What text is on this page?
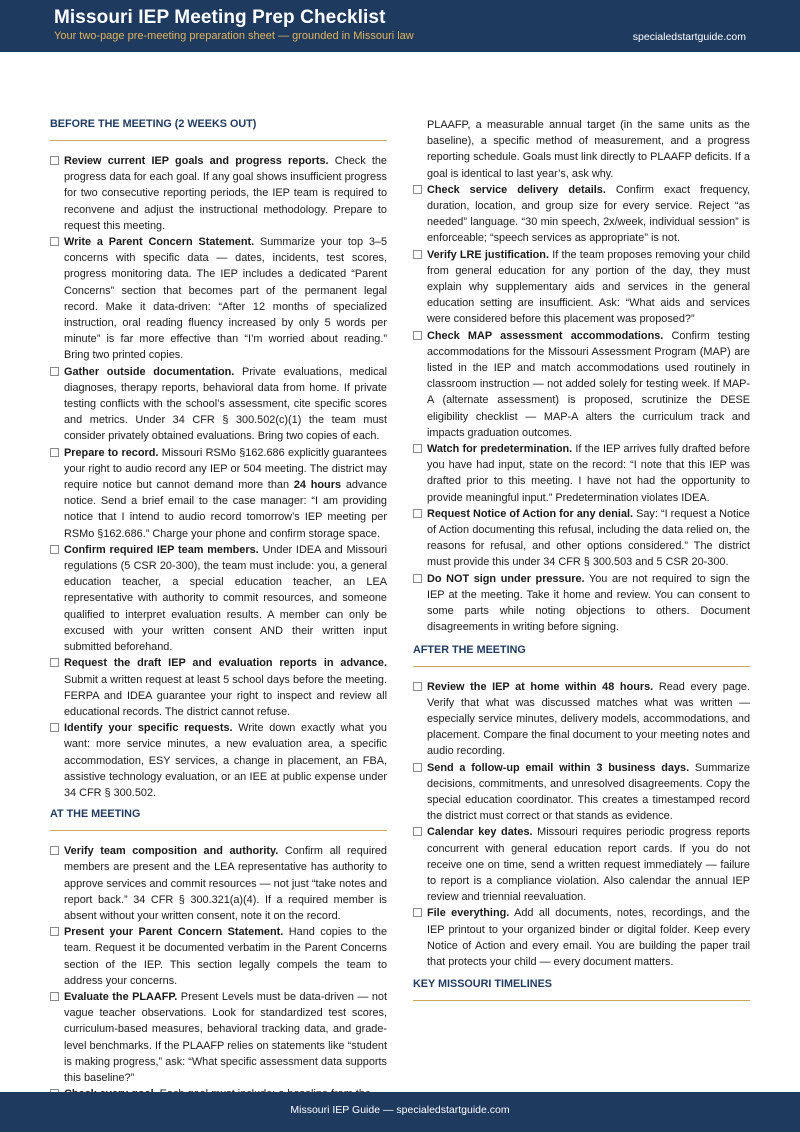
Missouri IEP Meeting Prep Checklist
Your two-page pre-meeting preparation sheet — grounded in Missouri law	specialedstartguide.com
BEFORE THE MEETING (2 WEEKS OUT)
Review current IEP goals and progress reports. Check the progress data for each goal. If any goal shows insufficient progress for two consecutive reporting periods, the IEP team is required to reconvene and adjust the instructional methodology. Prepare to request this meeting.
Write a Parent Concern Statement. Summarize your top 3–5 concerns with specific data — dates, incidents, test scores, progress monitoring data. The IEP includes a dedicated “Parent Concerns” section that becomes part of the permanent legal record. Make it data-driven: “After 12 months of specialized instruction, oral reading fluency increased by only 5 words per minute” is far more effective than “I’m worried about reading.” Bring two printed copies.
Gather outside documentation. Private evaluations, medical diagnoses, therapy reports, behavioral data from home. If private testing conflicts with the school’s assessment, cite specific scores and metrics. Under 34 CFR § 300.502(c)(1) the team must consider privately obtained evaluations. Bring two copies of each.
Prepare to record. Missouri RSMo §162.686 explicitly guarantees your right to audio record any IEP or 504 meeting. The district may require notice but cannot demand more than 24 hours advance notice. Send a brief email to the case manager: “I am providing notice that I intend to audio record tomorrow’s IEP meeting per RSMo §162.686.” Charge your phone and confirm storage space.
Confirm required IEP team members. Under IDEA and Missouri regulations (5 CSR 20-300), the team must include: you, a general education teacher, a special education teacher, an LEA representative with authority to commit resources, and someone qualified to interpret evaluation results. A member can only be excused with your written consent AND their written input submitted beforehand.
Request the draft IEP and evaluation reports in advance. Submit a written request at least 5 school days before the meeting. FERPA and IDEA guarantee your right to inspect and review all educational records. The district cannot refuse.
Identify your specific requests. Write down exactly what you want: more service minutes, a new evaluation area, a specific accommodation, ESY services, a change in placement, an FBA, assistive technology evaluation, or an IEE at public expense under 34 CFR § 300.502.
AT THE MEETING
Verify team composition and authority. Confirm all required members are present and the LEA representative has authority to approve services and commit resources — not just “take notes and report back.” 34 CFR § 300.321(a)(4). If a required member is absent without your written consent, note it on the record.
Present your Parent Concern Statement. Hand copies to the team. Request it be documented verbatim in the Parent Concerns section of the IEP. This section legally compels the team to address your concerns.
Evaluate the PLAAFP. Present Levels must be data-driven — not vague teacher observations. Look for standardized test scores, curriculum-based measures, behavioral tracking data, and grade-level benchmarks. If the PLAAFP relies on statements like “student is making progress,” ask: “What specific assessment data supports this baseline?”
PLAAFP, a measurable annual target (in the same units as the baseline), a specific method of measurement, and a progress reporting schedule. Goals must link directly to PLAAFP deficits. If a goal is identical to last year’s, ask why.
Check service delivery details. Confirm exact frequency, duration, location, and group size for every service. Reject “as needed” language. “30 min speech, 2x/week, individual session” is enforceable; “speech services as appropriate” is not.
Verify LRE justification. If the team proposes removing your child from general education for any portion of the day, they must explain why supplementary aids and services in the general education setting are insufficient. Ask: “What aids and services were considered before this placement was proposed?”
Check MAP assessment accommodations. Confirm testing accommodations for the Missouri Assessment Program (MAP) are listed in the IEP and match accommodations used routinely in classroom instruction — not added solely for testing week. If MAP-A (alternate assessment) is proposed, scrutinize the DESE eligibility checklist — MAP-A alters the curriculum track and impacts graduation outcomes.
Watch for predetermination. If the IEP arrives fully drafted before you have had input, state on the record: “I note that this IEP was drafted prior to this meeting. I have not had the opportunity to provide meaningful input.” Predetermination violates IDEA.
Request Notice of Action for any denial. Say: “I request a Notice of Action documenting this refusal, including the data relied on, the reasons for refusal, and other options considered.” The district must provide this under 34 CFR § 300.503 and 5 CSR 20-300.
Do NOT sign under pressure. You are not required to sign the IEP at the meeting. Take it home and review. You can consent to some parts while noting objections to others. Document disagreements in writing before signing.
AFTER THE MEETING
Review the IEP at home within 48 hours. Read every page. Verify that what was discussed matches what was written — especially service minutes, delivery models, accommodations, and placement. Compare the final document to your meeting notes and audio recording.
Send a follow-up email within 3 business days. Summarize decisions, commitments, and unresolved disagreements. Copy the special education coordinator. This creates a timestamped record the district must correct or that stands as evidence.
Calendar key dates. Missouri requires periodic progress reports concurrent with general education report cards. If you do not receive one on time, send a written request immediately — failure to report is a compliance violation. Also calendar the annual IEP review and triennial reevaluation.
File everything. Add all documents, notes, recordings, and the IEP printout to your organized binder or digital folder. Keep every Notice of Action and every email. You are building the paper trail that protects your child — every document matters.
KEY MISSOURI TIMELINES
Missouri IEP Guide — specialedstartguide.com
